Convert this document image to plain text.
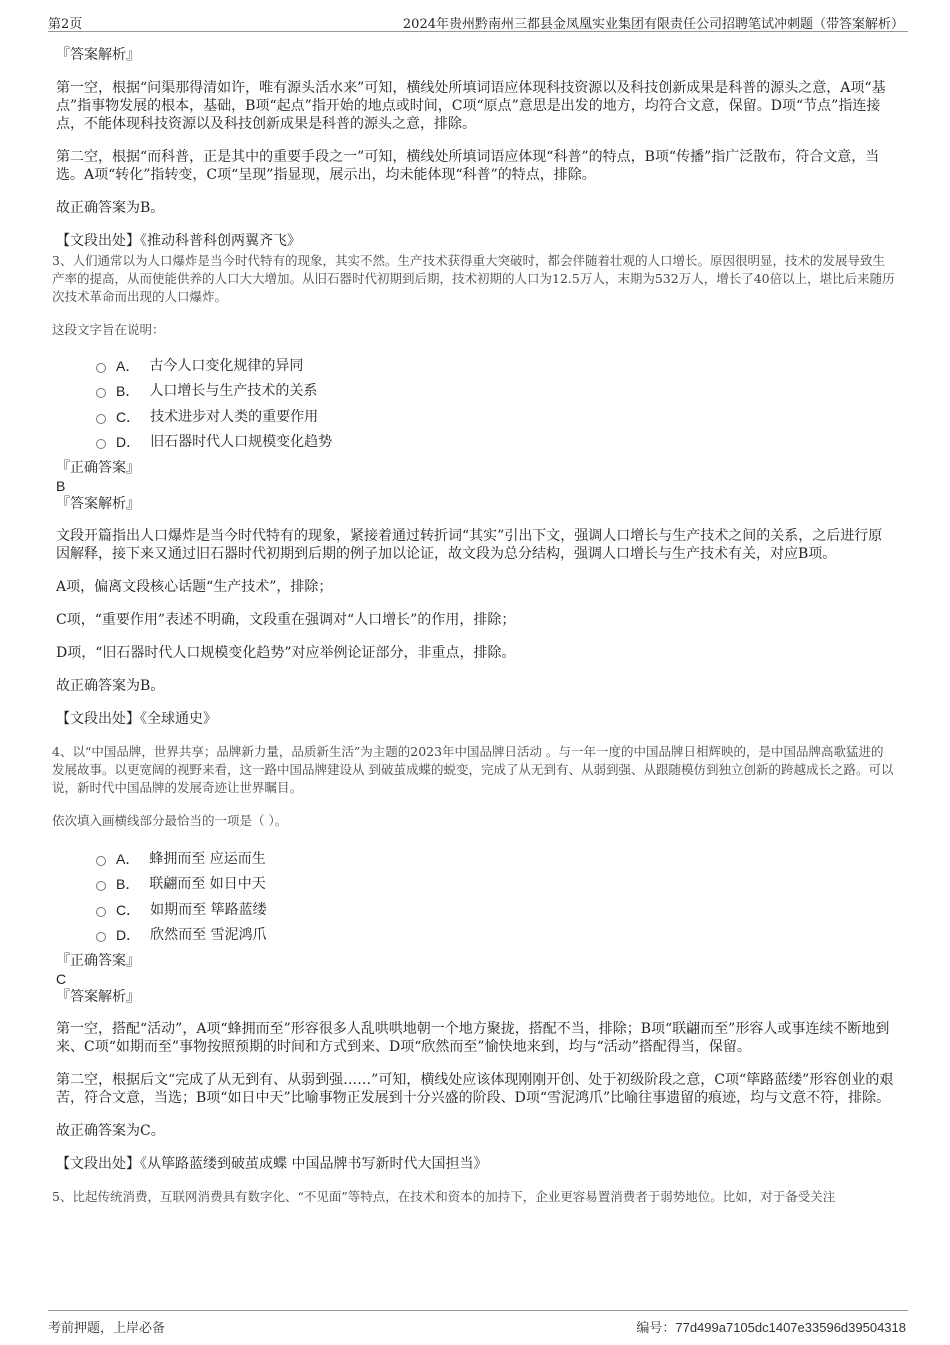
第2页	2024年贵州黔南州三都县金凤凰实业集团有限责任公司招聘笔试冲刺题（带答案解析）

『答案解析』

第一空，根据“问渠那得清如许，唯有源头活水来”可知，横线处所填词语应体现科技资源以及科技创新成果是科普的源头之意，A项“基点”指事物发展的根本，基础，B项“起点”指开始的地点或时间，C项“原点”意思是出发的地方，均符合文意，保留。D项“节点”指连接点，不能体现科技资源以及科技创新成果是科普的源头之意，排除。

第二空，根据“而科普，正是其中的重要手段之一”可知，横线处所填词语应体现“科普”的特点，B项“传播”指广泛散布，符合文意，当选。A项“转化”指转变，C项“呈现”指显现，展示出，均未能体现“科普”的特点，排除。

故正确答案为B。

【文段出处】《推动科普科创两翼齐飞》

3、人们通常以为人口爆炸是当今时代特有的现象，其实不然。生产技术获得重大突破时，都会伴随着壮观的人口增长。原因很明显，技术的发展导致生产率的提高，从而使能供养的人口大大增加。从旧石器时代初期到后期，技术初期的人口为12.5万人，末期为532万人，增长了40倍以上，堪比后来随历次技术革命而出现的人口爆炸。

这段文字旨在说明：

A． 古今人口变化规律的异同
B． 人口增长与生产技术的关系
C． 技术进步对人类的重要作用
D． 旧石器时代人口规模变化趋势

『正确答案』

B

『答案解析』

文段开篇指出人口爆炸是当今时代特有的现象，紧接着通过转折词“其实”引出下文，强调人口增长与生产技术之间的关系，之后进行原因解释，接下来又通过旧石器时代初期到后期的例子加以论证，故文段为总分结构，强调人口增长与生产技术有关，对应B项。

A项，偏离文段核心话题“生产技术”，排除；

C项，“重要作用”表述不明确，文段重在强调对“人口增长”的作用，排除；

D项，“旧石器时代人口规模变化趋势”对应举例论证部分，非重点，排除。

故正确答案为B。

【文段出处】《全球通史》

4、以“中国品牌，世界共享；品牌新力量，品质新生活”为主题的2023年中国品牌日活动 。与一年一度的中国品牌日相辉映的，是中国品牌高歌猛进的发展故事。以更宽阔的视野来看，这一路中国品牌建设从 到破茧成蝶的蜕变，完成了从无到有、从弱到强、从跟随模仿到独立创新的跨越成长之路。可以说，新时代中国品牌的发展奇迹让世界瞩目。

依次填入画横线部分最恰当的一项是（ ）。

A． 蜂拥而至 应运而生
B． 联翩而至 如日中天
C． 如期而至 筚路蓝缕
D． 欣然而至 雪泥鸿爪

『正确答案』

C

『答案解析』

第一空，搭配“活动”，A项“蜂拥而至”形容很多人乱哄哄地朝一个地方聚拢，搭配不当，排除；B项“联翩而至”形容人或事连续不断地到来、C项“如期而至”事物按照预期的时间和方式到来、D项“欣然而至”愉快地来到，均与“活动”搭配得当，保留。

第二空，根据后文“完成了从无到有、从弱到强……”可知，横线处应该体现刚刚开创、处于初级阶段之意，C项“筚路蓝缕”形容创业的艰苦，符合文意，当选；B项“如日中天”比喻事物正发展到十分兴盛的阶段、D项“雪泥鸿爪”比喻往事遗留的痕迹，均与文意不符，排除。

故正确答案为C。

【文段出处】《从筚路蓝缕到破茧成蝶 中国品牌书写新时代大国担当》

5、比起传统消费，互联网消费具有数字化、“不见面”等特点，在技术和资本的加持下，企业更容易置消费者于弱势地位。比如，对于备受关注

考前押题，上岸必备	编号：77d499a7105dc1407e33596d39504318
